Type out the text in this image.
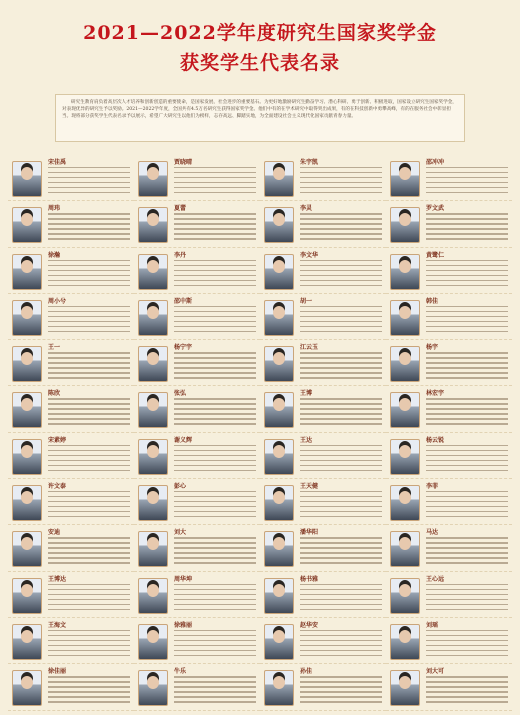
2021—2022学年度研究生国家奖学金
获奖学生代表名录
研究生教育肩负着高层次人才培养和创新创造的重要使命，是国家发展、社会进步的重要基石。为更好地激励研究生勤奋学习、潜心科研、勇于创新、积极进取，国家设立研究生国家奖学金，对表现优异的研究生予以奖励。2021—2022学年度，全国共有4.5万名研究生获得国家奖学金。他们中有的在学术研究中取得突出成果，有的在科技创新中勇攀高峰，有的在服务社会中彰显担当。现将部分获奖学生代表名录予以展示，希望广大研究生以他们为榜样，志存高远、脚踏实地，为全面建设社会主义现代化国家贡献青春力量。
宋佳禹	贾晓晴	朱宇凯	邵冲冲
周玮	夏蕾	李灵	罗文武
徐瀚	李丹	李文华	黄鹭仁
周小兮	邵中斯	胡一	韩佳
王一	杨宁宇	江云玉	杨宇
陈欣	张弘	王博	林宏宇
宋素婷	谢义辉	王达	杨云锐
许文泰	彭心	王天健	李菲
安迪	刘大	潘华阳	马达
王博达	周华坤	杨书雅	王心远
王海文	徐雅丽	赵华安	刘瑶
徐佳丽	牛乐	孙佳	刘大可
